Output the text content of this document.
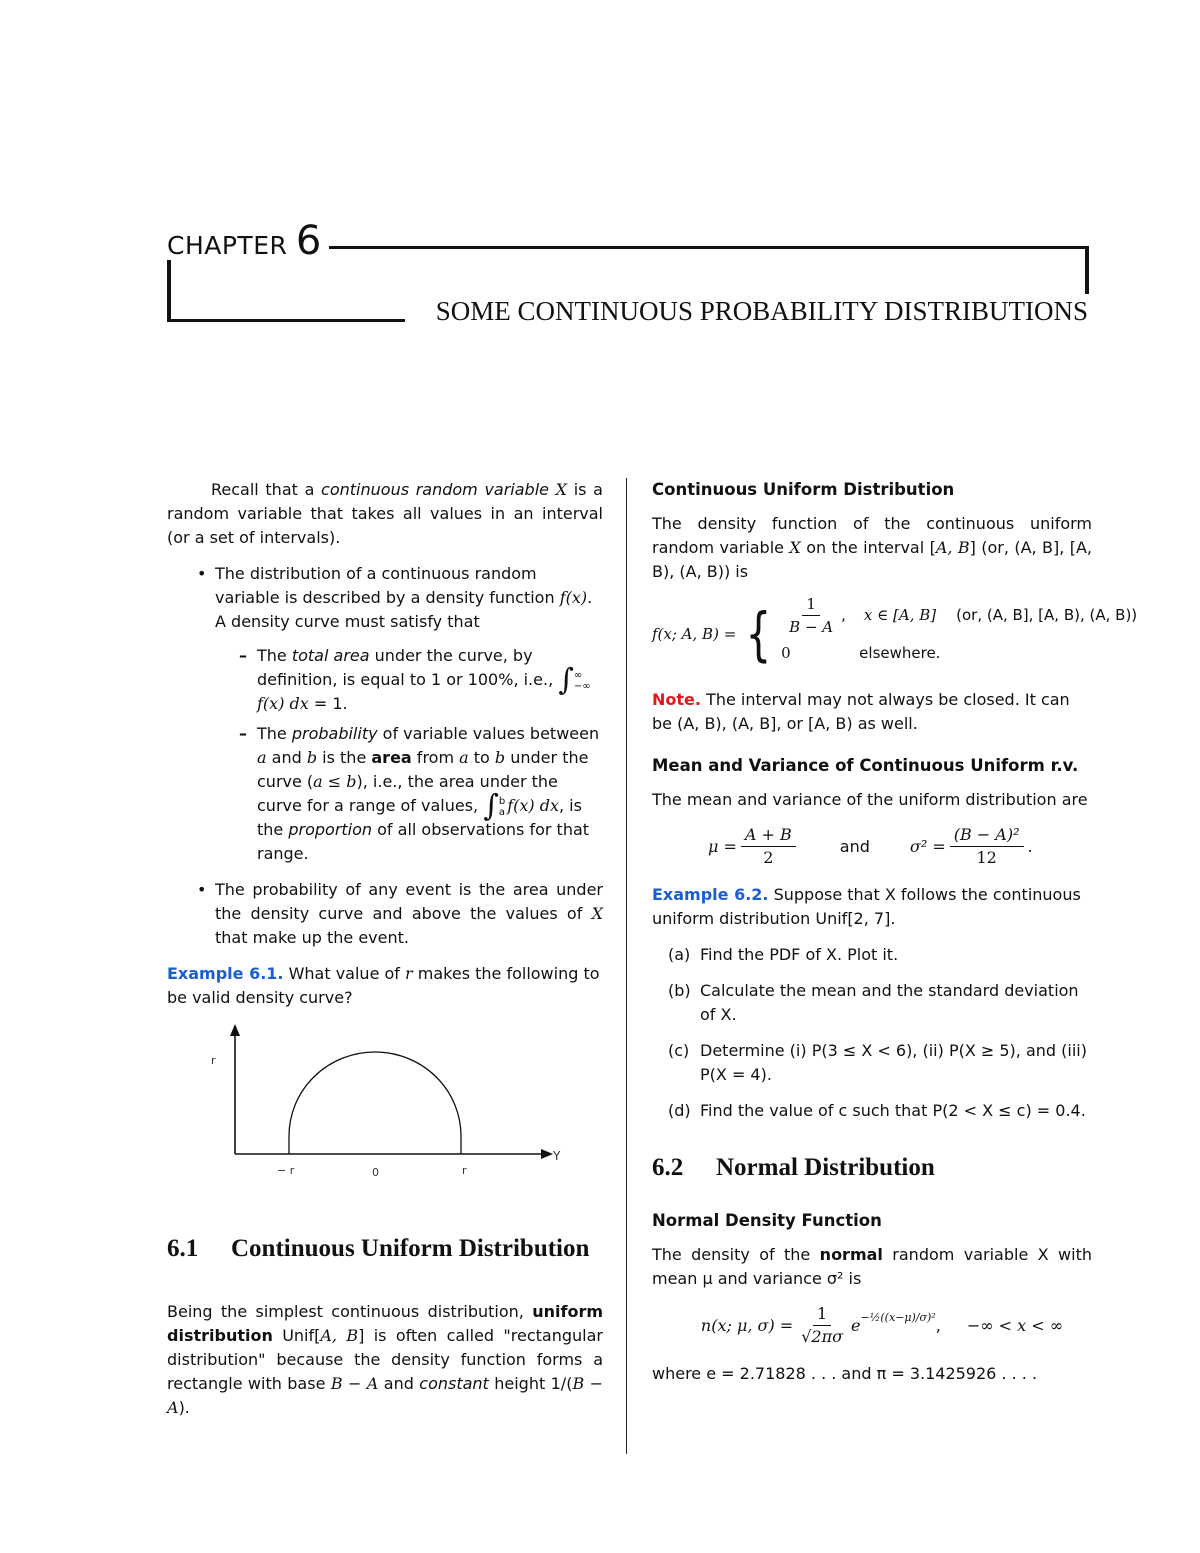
CHAPTER 6
SOME CONTINUOUS PROBABILITY DISTRIBUTIONS

Recall that a continuous random variable X is a random variable that takes all values in an interval (or a set of intervals).

• The distribution of a continuous random variable is described by a density function f(x). A density curve must satisfy that
– The total area under the curve, by definition, is equal to 1 or 100%, i.e., ∫ ∞
−∞
f(x) dx = 1.
– The probability of variable values between a and b is the area from a to b under the curve (a ≤ b), i.e., the area under the curve for a range of values, ∫ b
a f(x) dx, is the proportion of all observations for that range.
• The probability of any event is the area under the density curve and above the values of X that make up the event.

Example 6.1. What value of r makes the following to be valid density curve?

r
Y
− r	0	r
6.1	Continuous Uniform Distribution

Being the simplest continuous distribution, uniform distribution Unif[A, B] is often called "rectangular distribution" because the density function forms a rectangle with base B − A and constant height 1/(B − A).

Continuous Uniform Distribution

The density function of the continuous uniform random variable X on the interval [A, B] (or, (A, B], [A, B), (A, B)) is

f(x; A, B) = { $\frac{1}{B - A}$ , x ∈ [A, B] (or, (A, B], [A, B), (A, B))
0	elsewhere.

Note. The interval may not always be closed. It can be (A, B), (A, B], or [A, B) as well.

Mean and Variance of Continuous Uniform r.v.

The mean and variance of the uniform distribution are

$\mu = \frac{A + B}{2}$	and	$\sigma^2 = \frac{\text{(B − A)²}}{12}$ .

Example 6.2. Suppose that X follows the continuous uniform distribution Unif[2, 7].

(a) Find the PDF of X. Plot it.
(b) Calculate the mean and the standard deviation of X.
(c) Determine (i) P(3 ≤ X < 6), (ii) P(X ≥ 5), and (iii) P(X = 4).
(d) Find the value of c such that P(2 < X ≤ c) = 0.4.
6.2	Normal Distribution

Normal Density Function

The density of the normal random variable X with mean μ and variance σ² is

n(x; μ, $\sigma) = \frac{1}{√2\pi\sigma} e^{-\frac{1}{2}((x-\mu)/\sigma)^2}$ , −∞ < x < ∞

where e = 2.71828 . . . and π = 3.1425926 . . . .
